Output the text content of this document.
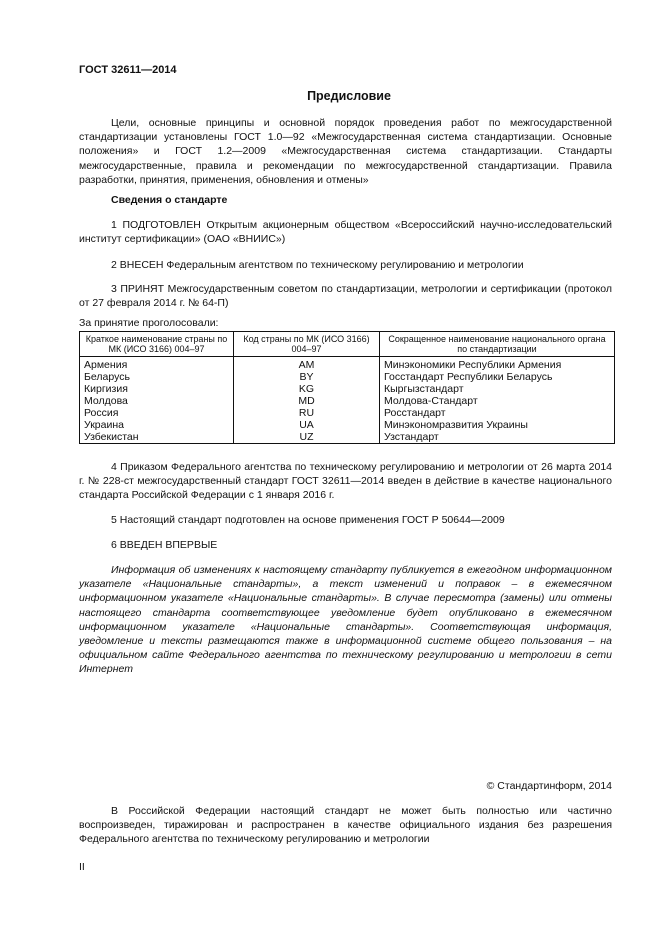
ГОСТ 32611—2014
Предисловие
Цели, основные принципы и основной порядок проведения работ по межгосударственной стандартизации установлены ГОСТ 1.0—92 «Межгосударственная система стандартизации. Основные положения» и ГОСТ 1.2—2009 «Межгосударственная система стандартизации. Стандарты межгосударственные, правила и рекомендации по межгосударственной стандартизации. Правила разработки, принятия, применения, обновления и отмены»
Сведения о стандарте
1 ПОДГОТОВЛЕН Открытым акционерным обществом «Всероссийский научно-исследовательский институт сертификации» (ОАО «ВНИИС»)
2 ВНЕСЕН Федеральным агентством по техническому регулированию и метрологии
3 ПРИНЯТ Межгосударственным советом по стандартизации, метрологии и сертификации (протокол от 27 февраля 2014 г. № 64-П)
За принятие проголосовали:
Краткое наименование страны по МК (ИСО 3166) 004–97	Код страны по МК (ИСО 3166) 004–97	Сокращенное наименование национального органа по стандартизации
Армения	AM	Минэкономики Республики Армения
Беларусь	BY	Госстандарт Республики Беларусь
Киргизия	KG	Кыргызстандарт
Молдова	MD	Молдова-Стандарт
Россия	RU	Росстандарт
Украина	UA	Минэкономразвития Украины
Узбекистан	UZ	Узстандарт
4 Приказом Федерального агентства по техническому регулированию и метрологии от 26 марта 2014 г. № 228-ст межгосударственный стандарт ГОСТ 32611—2014 введен в действие в качестве национального стандарта Российской Федерации с 1 января 2016 г.
5 Настоящий стандарт подготовлен на основе применения ГОСТ Р 50644—2009
6 ВВЕДЕН ВПЕРВЫЕ
Информация об изменениях к настоящему стандарту публикуется в ежегодном информационном указателе «Национальные стандарты», а текст изменений и поправок – в ежемесячном информационном указателе «Национальные стандарты». В случае пересмотра (замены) или отмены настоящего стандарта соответствующее уведомление будет опубликовано в ежемесячном информационном указателе «Национальные стандарты». Соответствующая информация, уведомление и тексты размещаются также в информационной системе общего пользования – на официальном сайте Федерального агентства по техническому регулированию и метрологии в сети Интернет
© Стандартинформ, 2014
В Российской Федерации настоящий стандарт не может быть полностью или частично воспроизведен, тиражирован и распространен в качестве официального издания без разрешения Федерального агентства по техническому регулированию и метрологии
II
